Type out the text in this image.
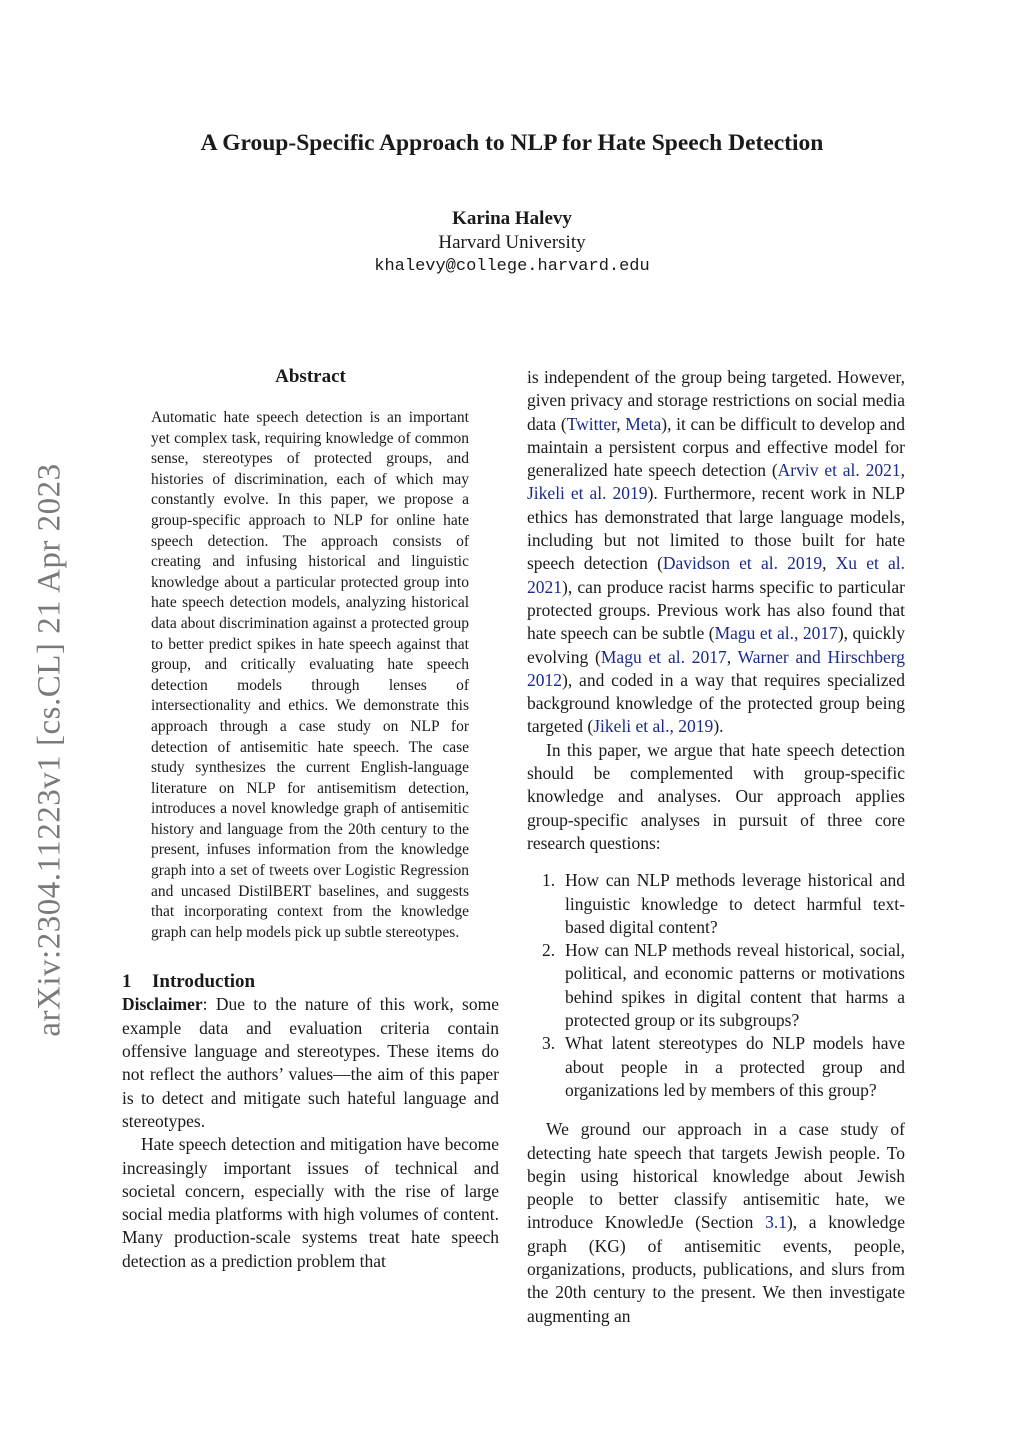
arXiv:2304.11223v1 [cs.CL] 21 Apr 2023
A Group-Specific Approach to NLP for Hate Speech Detection
Karina Halevy
Harvard University
khalevy@college.harvard.edu
Abstract
Automatic hate speech detection is an important yet complex task, requiring knowledge of common sense, stereotypes of protected groups, and histories of discrimination, each of which may constantly evolve. In this paper, we propose a group-specific approach to NLP for online hate speech detection. The approach consists of creating and infusing historical and linguistic knowledge about a particular protected group into hate speech detection models, analyzing historical data about discrimination against a protected group to better predict spikes in hate speech against that group, and critically evaluating hate speech detection models through lenses of intersectionality and ethics. We demonstrate this approach through a case study on NLP for detection of antisemitic hate speech. The case study synthesizes the current English-language literature on NLP for antisemitism detection, introduces a novel knowledge graph of antisemitic history and language from the 20th century to the present, infuses information from the knowledge graph into a set of tweets over Logistic Regression and uncased DistilBERT baselines, and suggests that incorporating context from the knowledge graph can help models pick up subtle stereotypes.
1 Introduction

Disclaimer: Due to the nature of this work, some example data and evaluation criteria contain offensive language and stereotypes. These items do not reflect the authors’ values—the aim of this paper is to detect and mitigate such hateful language and stereotypes.

Hate speech detection and mitigation have become increasingly important issues of technical and societal concern, especially with the rise of large social media platforms with high volumes of content. Many production-scale systems treat hate speech detection as a prediction problem that

is independent of the group being targeted. However, given privacy and storage restrictions on social media data (Twitter, Meta), it can be difficult to develop and maintain a persistent corpus and effective model for generalized hate speech detection (Arviv et al. 2021, Jikeli et al. 2019). Furthermore, recent work in NLP ethics has demonstrated that large language models, including but not limited to those built for hate speech detection (Davidson et al. 2019, Xu et al. 2021), can produce racist harms specific to particular protected groups. Previous work has also found that hate speech can be subtle (Magu et al., 2017), quickly evolving (Magu et al. 2017, Warner and Hirschberg 2012), and coded in a way that requires specialized background knowledge of the protected group being targeted (Jikeli et al., 2019).

In this paper, we argue that hate speech detection should be complemented with group-specific knowledge and analyses. Our approach applies group-specific analyses in pursuit of three core research questions:

1. How can NLP methods leverage historical and linguistic knowledge to detect harmful text-based digital content?
2. How can NLP methods reveal historical, social, political, and economic patterns or motivations behind spikes in digital content that harms a protected group or its subgroups?
3. What latent stereotypes do NLP models have about people in a protected group and organizations led by members of this group?

We ground our approach in a case study of detecting hate speech that targets Jewish people. To begin using historical knowledge about Jewish people to better classify antisemitic hate, we introduce KnowledJe (Section 3.1), a knowledge graph (KG) of antisemitic events, people, organizations, products, publications, and slurs from the 20th century to the present. We then investigate augmenting an
